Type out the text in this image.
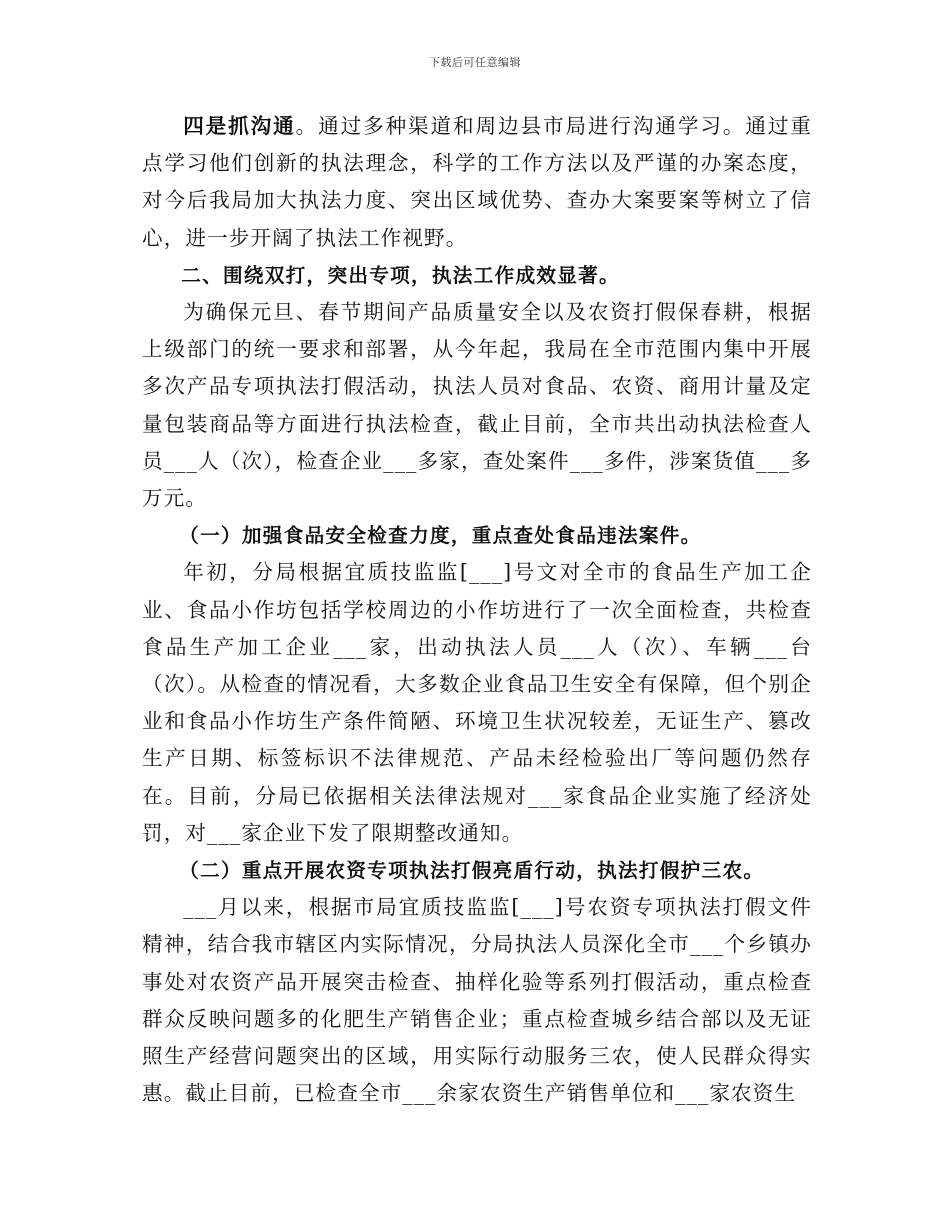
下载后可任意编辑

四是抓沟通。通过多种渠道和周边县市局进行沟通学习。通过重点学习他们创新的执法理念，科学的工作方法以及严谨的办案态度，对今后我局加大执法力度、突出区域优势、查办大案要案等树立了信心，进一步开阔了执法工作视野。

二、围绕双打，突出专项，执法工作成效显著。

为确保元旦、春节期间产品质量安全以及农资打假保春耕，根据上级部门的统一要求和部署，从今年起，我局在全市范围内集中开展多次产品专项执法打假活动，执法人员对食品、农资、商用计量及定量包装商品等方面进行执法检查，截止目前，全市共出动执法检查人员___人（次），检查企业___多家，查处案件___多件，涉案货值___多万元。

（一）加强食品安全检查力度，重点查处食品违法案件。

年初，分局根据宜质技监监[___]号文对全市的食品生产加工企业、食品小作坊包括学校周边的小作坊进行了一次全面检查，共检查食品生产加工企业___家，出动执法人员___人（次）、车辆___台（次）。从检查的情况看，大多数企业食品卫生安全有保障，但个别企业和食品小作坊生产条件简陋、环境卫生状况较差，无证生产、篡改生产日期、标签标识不法律规范、产品未经检验出厂等问题仍然存在。目前，分局已依据相关法律法规对___家食品企业实施了经济处罚，对___家企业下发了限期整改通知。

（二）重点开展农资专项执法打假亮盾行动，执法打假护三农。

___月以来，根据市局宜质技监监[___]号农资专项执法打假文件精神，结合我市辖区内实际情况，分局执法人员深化全市___个乡镇办事处对农资产品开展突击检查、抽样化验等系列打假活动，重点检查群众反映问题多的化肥生产销售企业；重点检查城乡结合部以及无证照生产经营问题突出的区域，用实际行动服务三农，使人民群众得实惠。截止目前，已检查全市___余家农资生产销售单位和___家农资生
